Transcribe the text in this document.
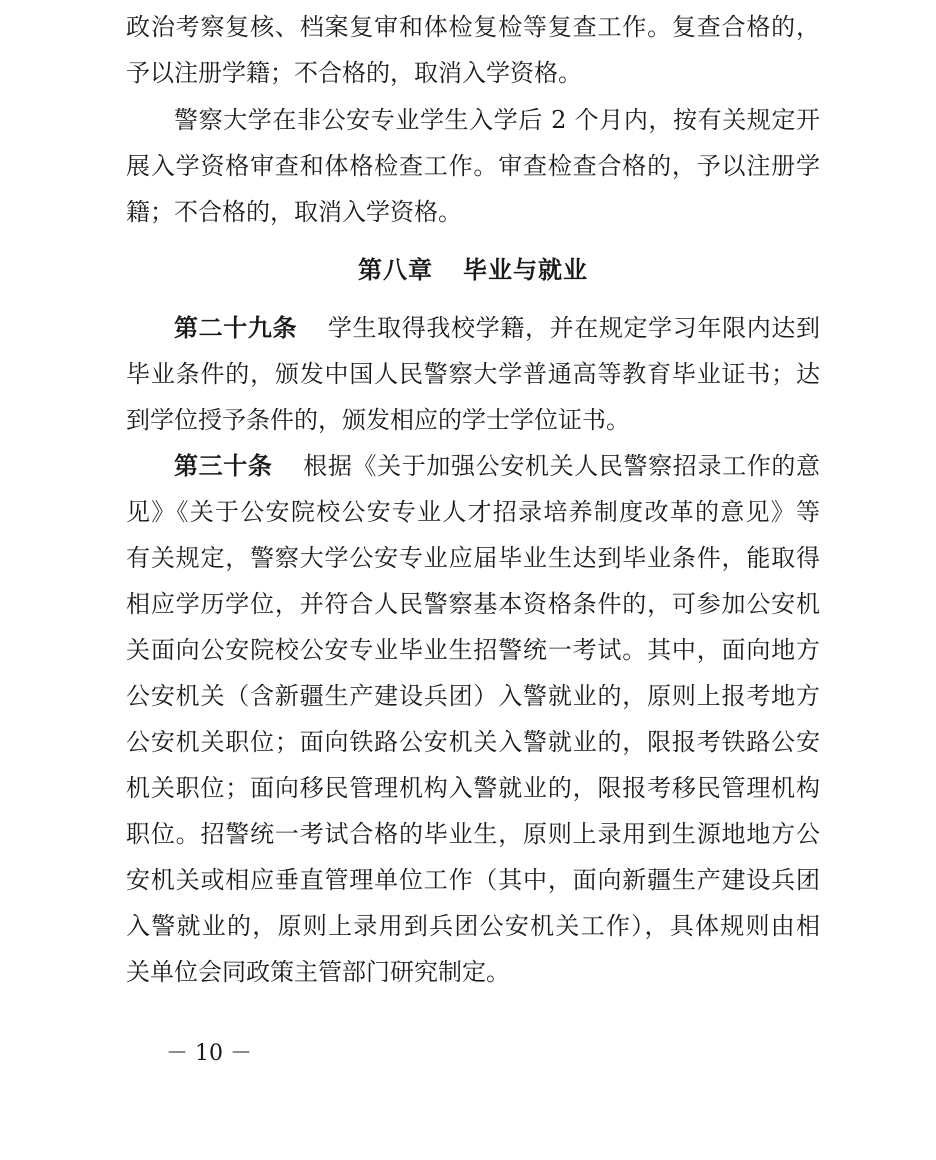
政治考察复核、档案复审和体检复检等复查工作。复查合格的，
予以注册学籍；不合格的，取消入学资格。
警察大学在非公安专业学生入学后 2 个月内，按有关规定开
展入学资格审查和体格检查工作。审查检查合格的，予以注册学
籍；不合格的，取消入学资格。
第八章 毕业与就业
第二十九条 学生取得我校学籍，并在规定学习年限内达到
毕业条件的，颁发中国人民警察大学普通高等教育毕业证书；达
到学位授予条件的，颁发相应的学士学位证书。
第三十条 根据《关于加强公安机关人民警察招录工作的意
见》《关于公安院校公安专业人才招录培养制度改革的意见》等
有关规定，警察大学公安专业应届毕业生达到毕业条件，能取得
相应学历学位，并符合人民警察基本资格条件的，可参加公安机
关面向公安院校公安专业毕业生招警统一考试。其中，面向地方
公安机关（含新疆生产建设兵团）入警就业的，原则上报考地方
公安机关职位；面向铁路公安机关入警就业的，限报考铁路公安
机关职位；面向移民管理机构入警就业的，限报考移民管理机构
职位。招警统一考试合格的毕业生，原则上录用到生源地地方公
安机关或相应垂直管理单位工作（其中，面向新疆生产建设兵团
入警就业的，原则上录用到兵团公安机关工作），具体规则由相
关单位会同政策主管部门研究制定。
－ 10 －
